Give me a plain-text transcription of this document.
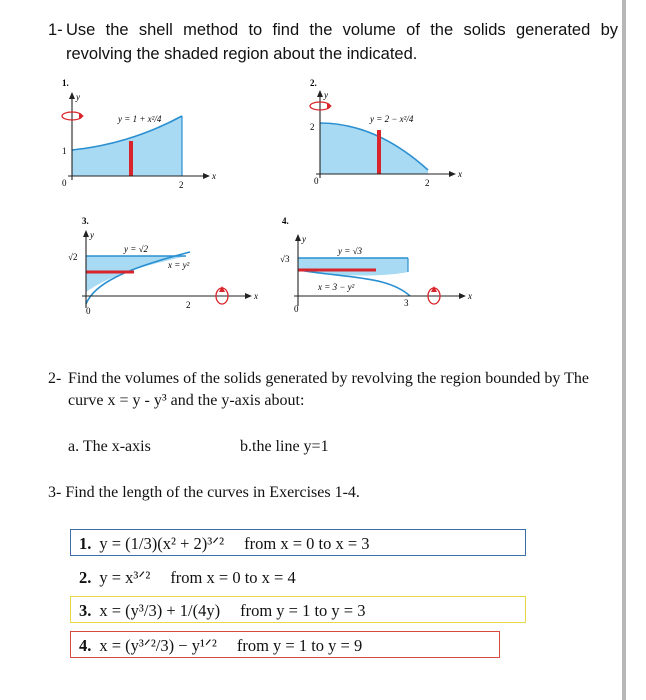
1- Use the shell method to find the volume of the solids generated by revolving the shaded region about the indicated.
1.
y
x
y = 1 + x²/4
1
2
0
2.
y
x
y = 2 − x²/4
2
2
0
3.
y
x
y = √2
x = y²
√2
2
0
4.
y
x
y = √3
x = 3 − y²
√3
3
0
2- Find the volumes of the solids generated by revolving the region bounded by The curve x = y - y³ and the y-axis about:
a. The x-axis	b.the line y=1
3- Find the length of the curves in Exercises 1-4.
1. y = (1/3)(x² + 2)³ᐟ² from x = 0 to x = 3
2. y = x³ᐟ² from x = 0 to x = 4
3. x = (y³/3) + 1/(4y) from y = 1 to y = 3
4. x = (y³ᐟ²/3) − y¹ᐟ² from y = 1 to y = 9
